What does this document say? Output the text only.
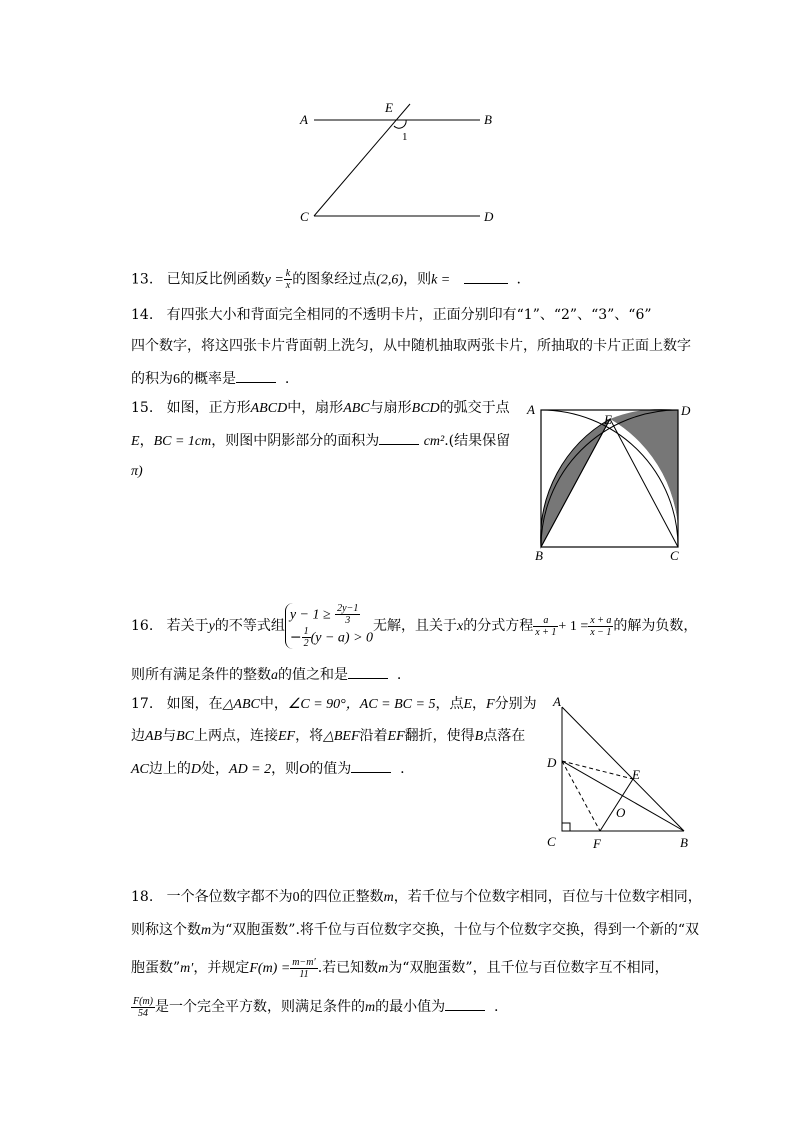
A	B
C	D
E
1
13. 已知反比例函数$y = \frac{k}{x}$ 的图象经过点(2,6)，则k =	.
14. 有四张大小和背面完全相同的不透明卡片，正面分别印有“1”、“2”、“3”、“6”
四个数字，将这四张卡片背面朝上洗匀，从中随机抽取两张卡片，所抽取的卡片正面上数字
的积为6的概率是	.
15. 如图，正方形ABCD中，扇形ABC与扇形BCD的弧交于点
E，BC = 1cm，则图中阴影部分的面积为	cm².(结果保留
π)
A	D
E
B	C
16. 若关于y的不等式组
$y - 1 \ge \frac{2y-1}{3}$
− $\frac{1}{2} (y - a) > 0$
无解，且关于x的分式方程 $\frac{a}{x + 1} + 1 = \frac{x + a}{x - 1}$ 的解为负数，
则所有满足条件的整数a的值之和是	.
17. 如图，在△ABC中，∠C = 90°，AC = BC = 5，点E，F分别为
边AB与BC上两点，连接EF，将△BEF沿着EF翻折，使得B点落在
AC边上的D处，AD = 2，则O的值为	.
A
D
E
O
C	F	B
18. 一个各位数字都不为0的四位正整数m，若千位与个位数字相同，百位与十位数字相同，
则称这个数m为“双胞蛋数”.将千位与百位数字交换，十位与个位数字交换，得到一个新的“双
胞蛋数”m′，并规定$F(m) = \frac{m-m'}{11}$ .若已知数m为“双胞蛋数”，且千位与百位数字互不相同，
$\frac{F(m)}{54}$ 是一个完全平方数，则满足条件的m的最小值为	.
